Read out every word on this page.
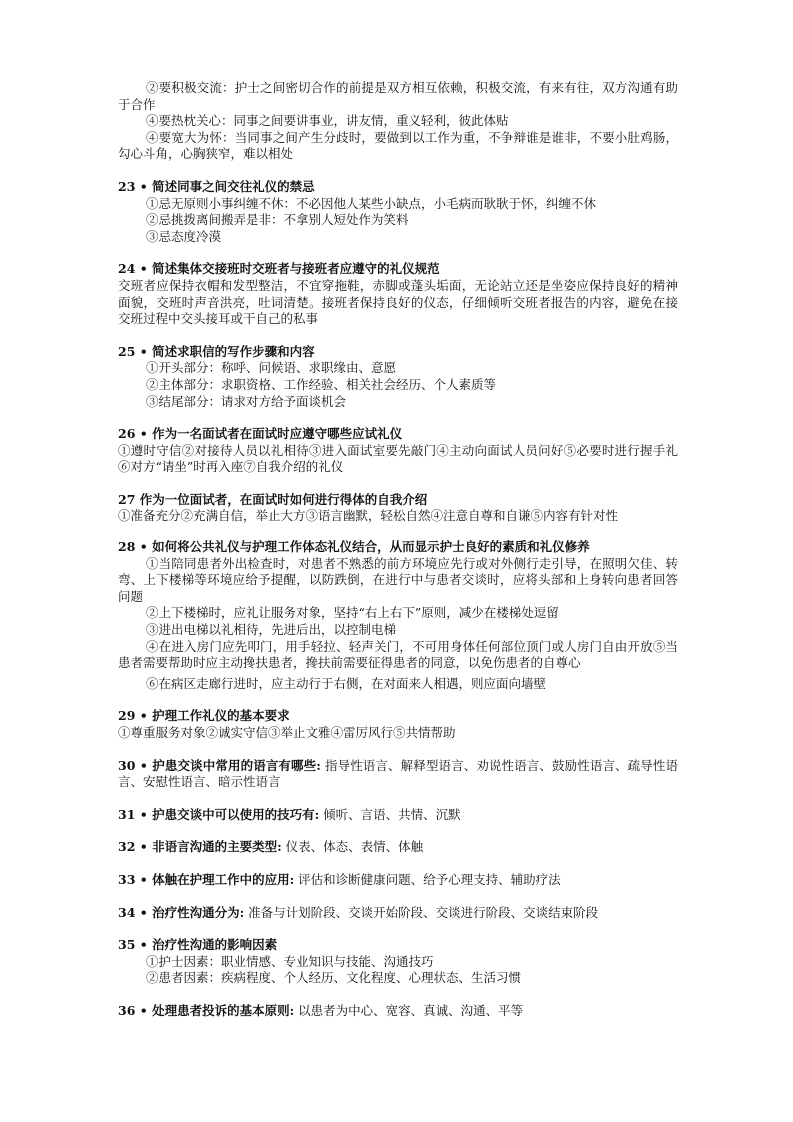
②要积极交流：护士之间密切合作的前提是双方相互依赖，积极交流，有来有往，双方沟通有助于合作
④要热枕关心：同事之间要讲事业，讲友情，重义轻利，彼此体贴
④要宽大为怀：当同事之间产生分歧时，要做到以工作为重，不争辩谁是谁非，不要小肚鸡肠，勾心斗角，心胸狭窄，难以相处
23 • 简述同事之间交往礼仪的禁忌
①忌无原则小事纠缠不休：不必因他人某些小缺点，小毛病而耿耿于怀，纠缠不休
②忌挑拨离间搬弄是非：不拿别人短处作为笑料
③忌态度冷漠
24 • 简述集体交接班时交班者与接班者应遵守的礼仪规范
交班者应保持衣帽和发型整洁，不宜穿拖鞋，赤脚或蓬头垢面，无论站立还是坐姿应保持良好的精神面貌，交班时声音洪亮，吐词清楚。接班者保持良好的仪态，仔细倾听交班者报告的内容，避免在接交班过程中交头接耳或干自己的私事
25 • 简述求职信的写作步骤和内容
①开头部分：称呼、问候语、求职缘由、意愿
②主体部分：求职资格、工作经验、相关社会经历、个人素质等
③结尾部分：请求对方给予面谈机会
26 • 作为一名面试者在面试时应遵守哪些应试礼仪
①遵时守信②对接待人员以礼相待③进入面试室要先敲门④主动向面试人员问好⑤必要时进行握手礼⑥对方“请坐”时再入座⑦自我介绍的礼仪
27 作为一位面试者，在面试时如何进行得体的自我介绍
①准备充分②充满自信，举止大方③语言幽默，轻松自然④注意自尊和自谦⑤内容有针对性
28 • 如何将公共礼仪与护理工作体态礼仪结合，从而显示护士良好的素质和礼仪修养
①当陪同患者外出检查时，对患者不熟悉的前方环境应先行或对外侧行走引导，在照明欠佳、转弯、上下楼梯等环境应给予提醒，以防跌倒，在进行中与患者交谈时，应将头部和上身转向患者回答问题
②上下楼梯时，应礼让服务对象，坚持“右上右下”原则，减少在楼梯处逗留
③进出电梯以礼相待，先进后出，以控制电梯
④在进入房门应先叩门，用手轻拉、轻声关门，不可用身体任何部位顶门或人房门自由开放⑤当患者需要帮助时应主动搀扶患者，搀扶前需要征得患者的同意，以免伤患者的自尊心
⑥在病区走廊行进时，应主动行于右侧，在对面来人相遇，则应面向墙壁
29 • 护理工作礼仪的基本要求
①尊重服务对象②诚实守信③举止文雅④雷厉风行⑤共情帮助
30 • 护患交谈中常用的语言有哪些: 指导性语言、解释型语言、劝说性语言、鼓励性语言、疏导性语言、安慰性语言、暗示性语言
31 • 护患交谈中可以使用的技巧有: 倾听、言语、共情、沉默
32 • 非语言沟通的主要类型: 仪表、体态、表情、体触
33 • 体触在护理工作中的应用: 评估和诊断健康问题、给予心理支持、辅助疗法
34 • 治疗性沟通分为: 准备与计划阶段、交谈开始阶段、交谈进行阶段、交谈结束阶段
35 • 治疗性沟通的影响因素
①护士因素：职业情感、专业知识与技能、沟通技巧
②患者因素：疾病程度、个人经历、文化程度、心理状态、生活习惯
36 • 处理患者投诉的基本原则: 以患者为中心、宽容、真诚、沟通、平等
